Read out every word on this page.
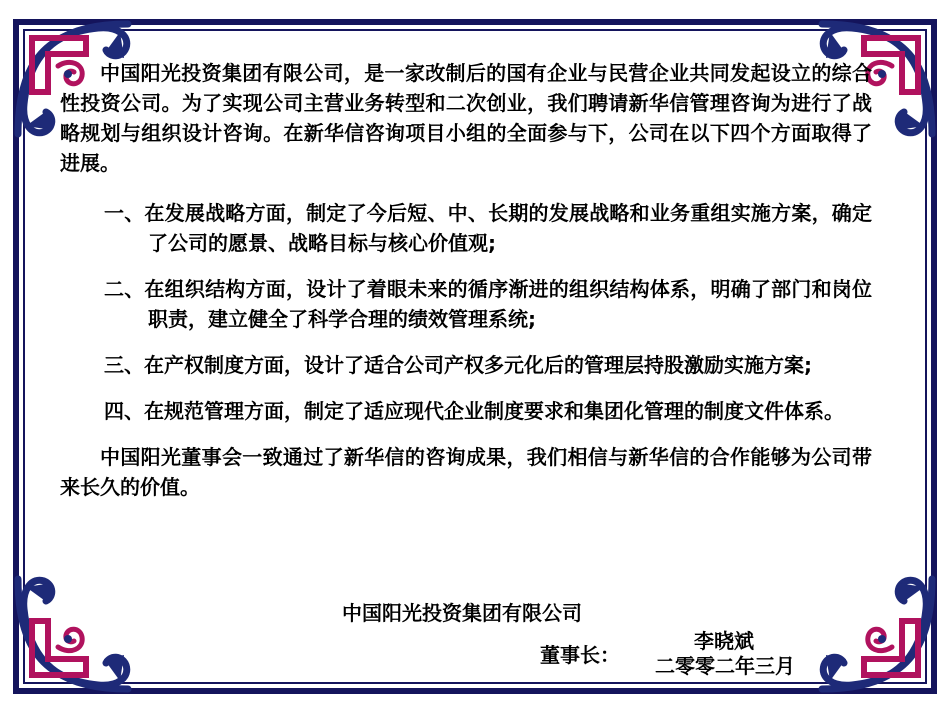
中国阳光投资集团有限公司，是一家改制后的国有企业与民营企业共同发起设立的综合性投资公司。为了实现公司主营业务转型和二次创业，我们聘请新华信管理咨询为进行了战略规划与组织设计咨询。在新华信咨询项目小组的全面参与下，公司在以下四个方面取得了进展。

一、在发展战略方面，制定了今后短、中、长期的发展战略和业务重组实施方案，确定了公司的愿景、战略目标与核心价值观;

二、在组织结构方面，设计了着眼未来的循序渐进的组织结构体系，明确了部门和岗位职责，建立健全了科学合理的绩效管理系统;

三、在产权制度方面，设计了适合公司产权多元化后的管理层持股激励实施方案;

四、在规范管理方面，制定了适应现代企业制度要求和集团化管理的制度文件体系。

中国阳光董事会一致通过了新华信的咨询成果，我们相信与新华信的合作能够为公司带来长久的价值。

中国阳光投资集团有限公司
董事长：
李晓斌
二零零二年三月
